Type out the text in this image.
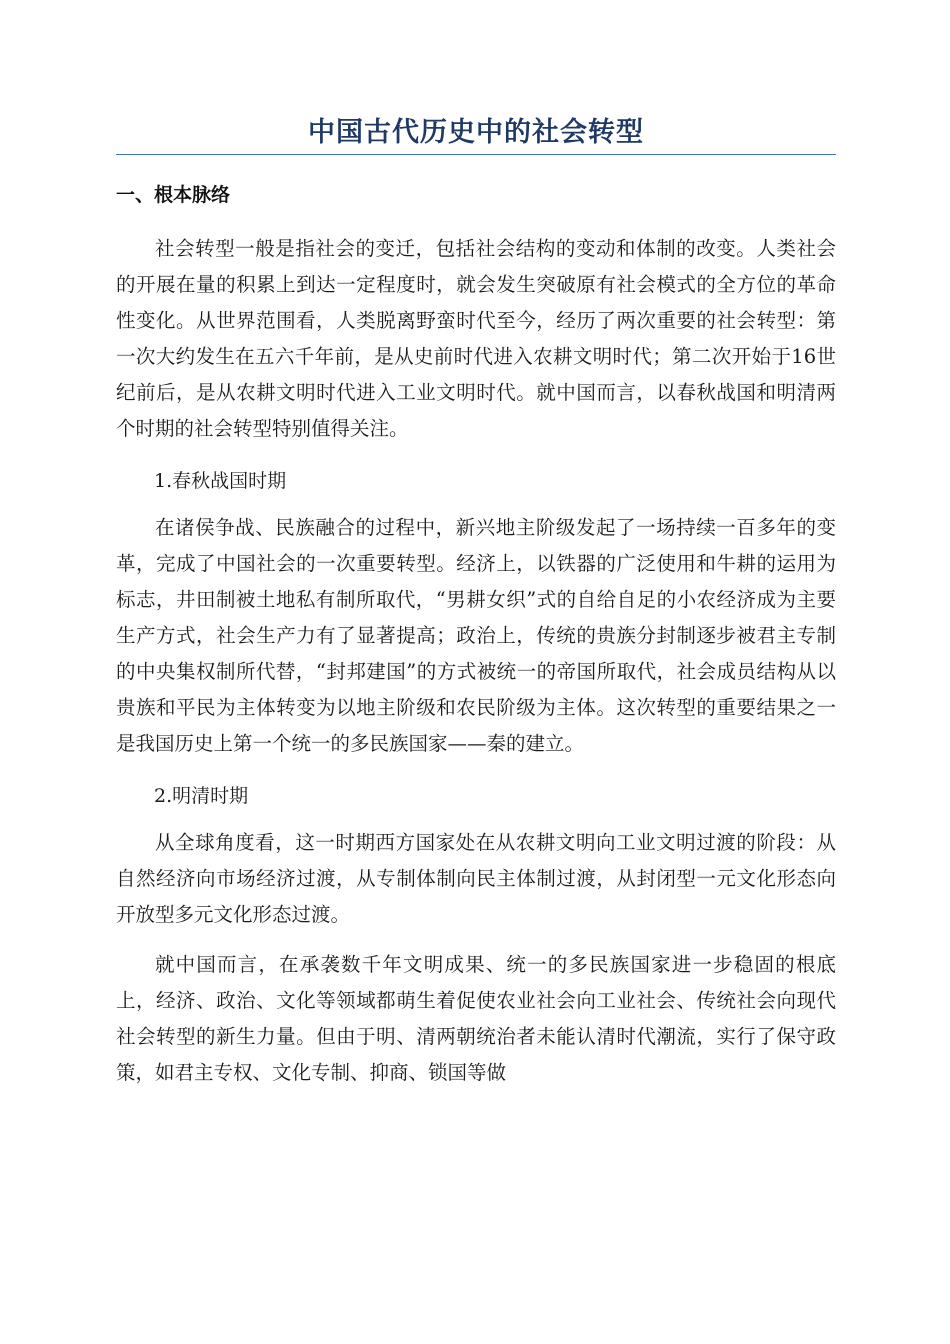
中国古代历史中的社会转型
一、根本脉络

社会转型一般是指社会的变迁，包括社会结构的变动和体制的改变。人类社会的开展在量的积累上到达一定程度时，就会发生突破原有社会模式的全方位的革命性变化。从世界范围看，人类脱离野蛮时代至今，经历了两次重要的社会转型：第一次大约发生在五六千年前，是从史前时代进入农耕文明时代；第二次开始于16世纪前后，是从农耕文明时代进入工业文明时代。就中国而言，以春秋战国和明清两个时期的社会转型特别值得关注。

1.春秋战国时期

在诸侯争战、民族融合的过程中，新兴地主阶级发起了一场持续一百多年的变革，完成了中国社会的一次重要转型。经济上，以铁器的广泛使用和牛耕的运用为标志，井田制被土地私有制所取代，“男耕女织”式的自给自足的小农经济成为主要生产方式，社会生产力有了显著提高；政治上，传统的贵族分封制逐步被君主专制的中央集权制所代替，“封邦建国”的方式被统一的帝国所取代，社会成员结构从以贵族和平民为主体转变为以地主阶级和农民阶级为主体。这次转型的重要结果之一是我国历史上第一个统一的多民族国家——秦的建立。

2.明清时期

从全球角度看，这一时期西方国家处在从农耕文明向工业文明过渡的阶段：从自然经济向市场经济过渡，从专制体制向民主体制过渡，从封闭型一元文化形态向开放型多元文化形态过渡。

就中国而言，在承袭数千年文明成果、统一的多民族国家进一步稳固的根底上，经济、政治、文化等领域都萌生着促使农业社会向工业社会、传统社会向现代社会转型的新生力量。但由于明、清两朝统治者未能认清时代潮流，实行了保守政策，如君主专权、文化专制、抑商、锁国等做
